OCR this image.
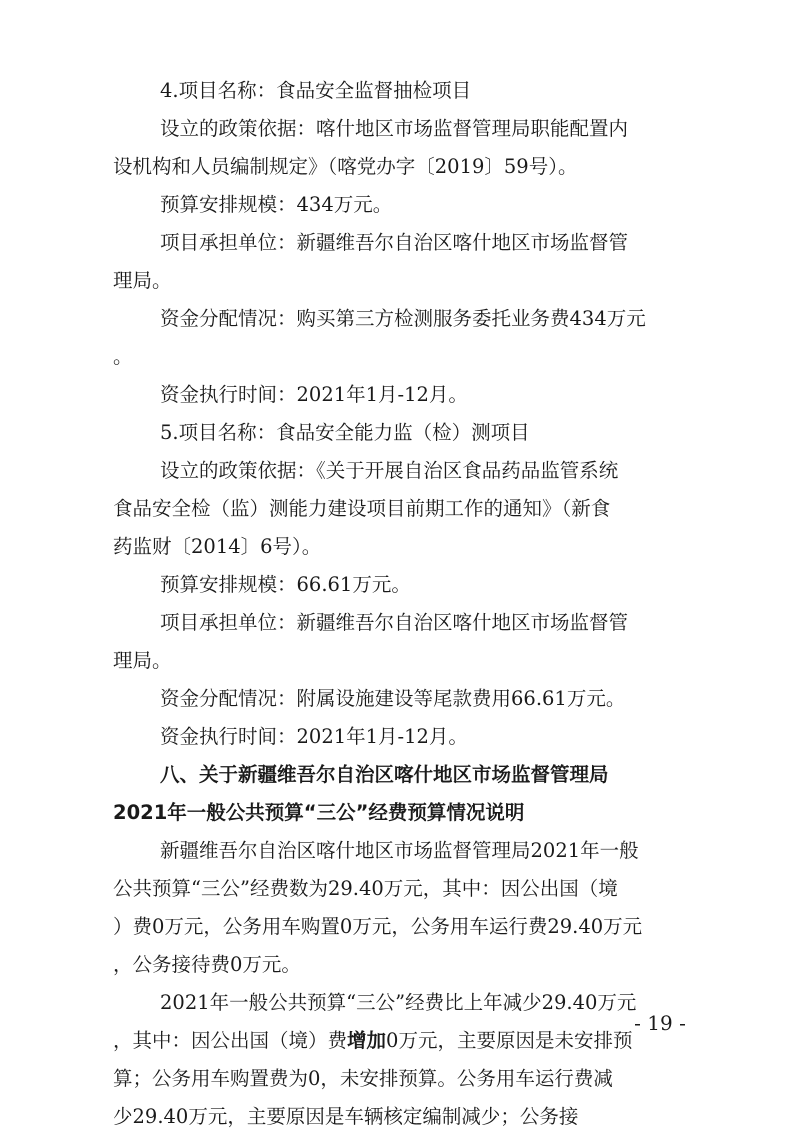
4.项目名称：食品安全监督抽检项目
设立的政策依据：喀什地区市场监督管理局职能配置内
设机构和人员编制规定》（喀党办字〔2019〕59号）。
预算安排规模：434万元。
项目承担单位：新疆维吾尔自治区喀什地区市场监督管
理局。
资金分配情况：购买第三方检测服务委托业务费434万元
。
资金执行时间：2021年1月-12月。
5.项目名称：食品安全能力监（检）测项目
设立的政策依据：《关于开展自治区食品药品监管系统
食品安全检（监）测能力建设项目前期工作的通知》（新食
药监财〔2014〕6号）。
预算安排规模：66.61万元。
项目承担单位：新疆维吾尔自治区喀什地区市场监督管
理局。
资金分配情况：附属设施建设等尾款费用66.61万元。
资金执行时间：2021年1月-12月。
八、关于新疆维吾尔自治区喀什地区市场监督管理局
2021年一般公共预算“三公”经费预算情况说明
新疆维吾尔自治区喀什地区市场监督管理局2021年一般
公共预算“三公”经费数为29.40万元，其中：因公出国（境
）费0万元，公务用车购置0万元，公务用车运行费29.40万元
，公务接待费0万元。
2021年一般公共预算“三公”经费比上年减少29.40万元
，其中：因公出国（境）费增加0万元，主要原因是未安排预
算；公务用车购置费为0，未安排预算。公务用车运行费减
少29.40万元，主要原因是车辆核定编制减少；公务接
- 19 -
